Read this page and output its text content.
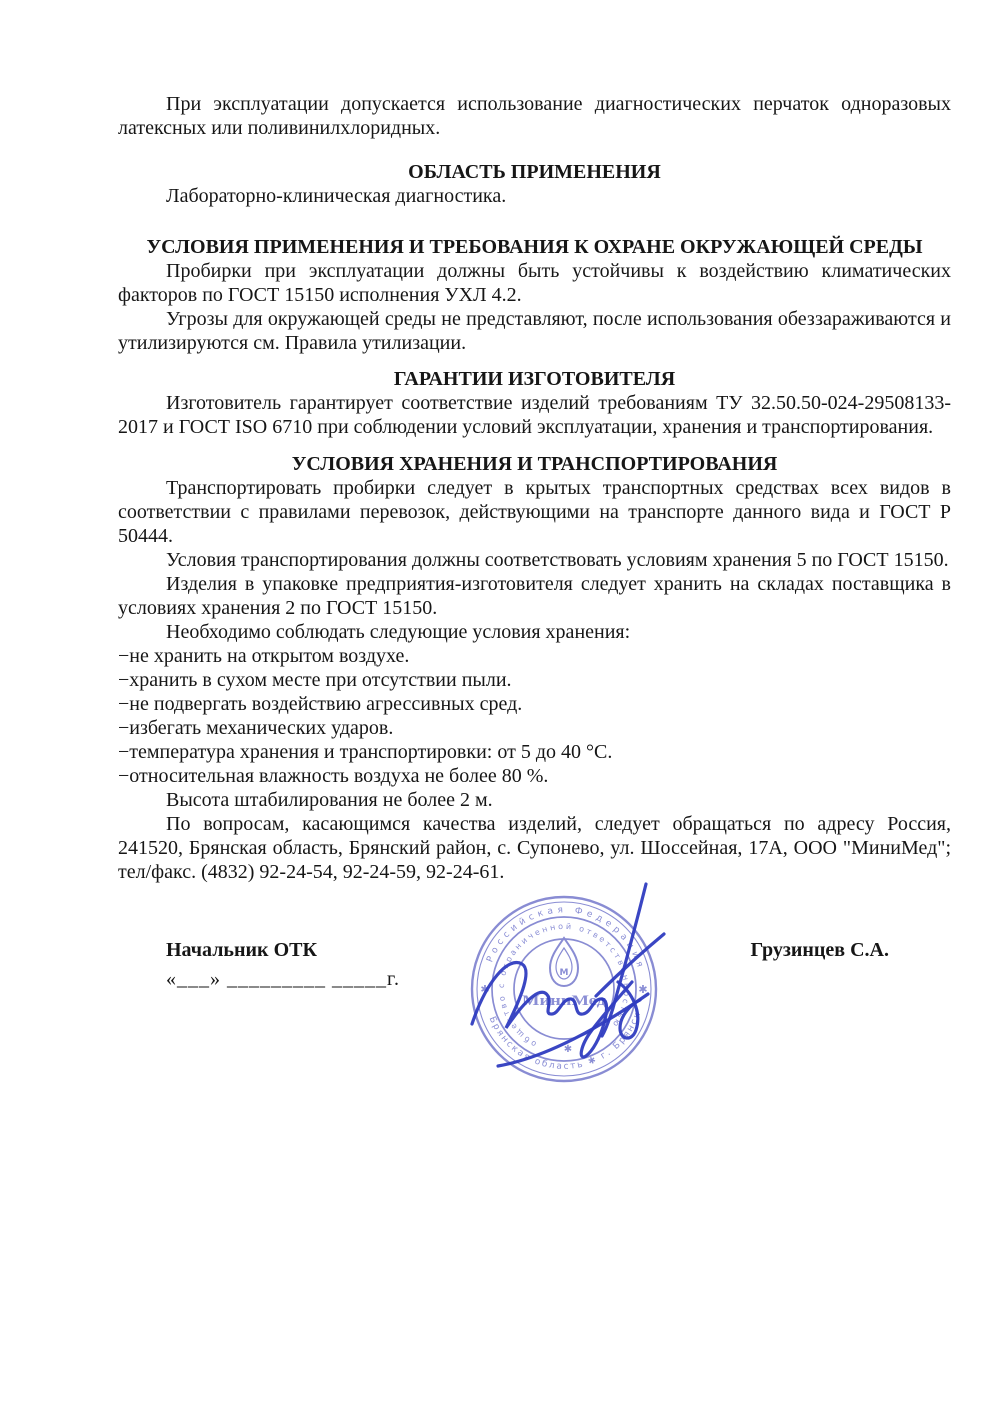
При эксплуатации допускается использование диагностических перчаток одноразовых латексных или поливинилхлоридных.

ОБЛАСТЬ ПРИМЕНЕНИЯ

Лабораторно-клиническая диагностика.

УСЛОВИЯ ПРИМЕНЕНИЯ И ТРЕБОВАНИЯ К ОХРАНЕ ОКРУЖАЮЩЕЙ СРЕДЫ

Пробирки при эксплуатации должны быть устойчивы к воздействию климатических факторов по ГОСТ 15150 исполнения УХЛ 4.2.

Угрозы для окружающей среды не представляют, после использования обеззараживаются и утилизируются см. Правила утилизации.

ГАРАНТИИ ИЗГОТОВИТЕЛЯ

Изготовитель гарантирует соответствие изделий требованиям ТУ 32.50.50-024-29508133-2017 и ГОСТ ISO 6710 при соблюдении условий эксплуатации, хранения и транспортирования.

УСЛОВИЯ ХРАНЕНИЯ И ТРАНСПОРТИРОВАНИЯ

Транспортировать пробирки следует в крытых транспортных средствах всех видов в соответствии с правилами перевозок, действующими на транспорте данного вида и ГОСТ Р 50444.

Условия транспортирования должны соответствовать условиям хранения 5 по ГОСТ 15150.

Изделия в упаковке предприятия-изготовителя следует хранить на складах поставщика в условиях хранения 2 по ГОСТ 15150.

Необходимо соблюдать следующие условия хранения:

−не хранить на открытом воздухе.

−хранить в сухом месте при отсутствии пыли.

−не подвергать воздействию агрессивных сред.

−избегать механических ударов.

−температура хранения и транспортировки: от 5 до 40 °С.

−относительная влажность воздуха не более 80 %.

Высота штабилирования не более 2 м.

По вопросам, касающимся качества изделий, следует обращаться по адресу Россия, 241520, Брянская область, Брянский район, с. Супонево, ул. Шоссейная, 17А, ООО "МиниМед"; тел/факс. (4832) 92-24-54, 92-24-59, 92-24-61.

Начальник ОТК
«___» _________ _____г.
Грузинцев С.А.
Российская Федерация
Брянская область ✱ г. Брянск
общество с ограниченной ответственностью
✱	✱
✱
М
МиниМед
